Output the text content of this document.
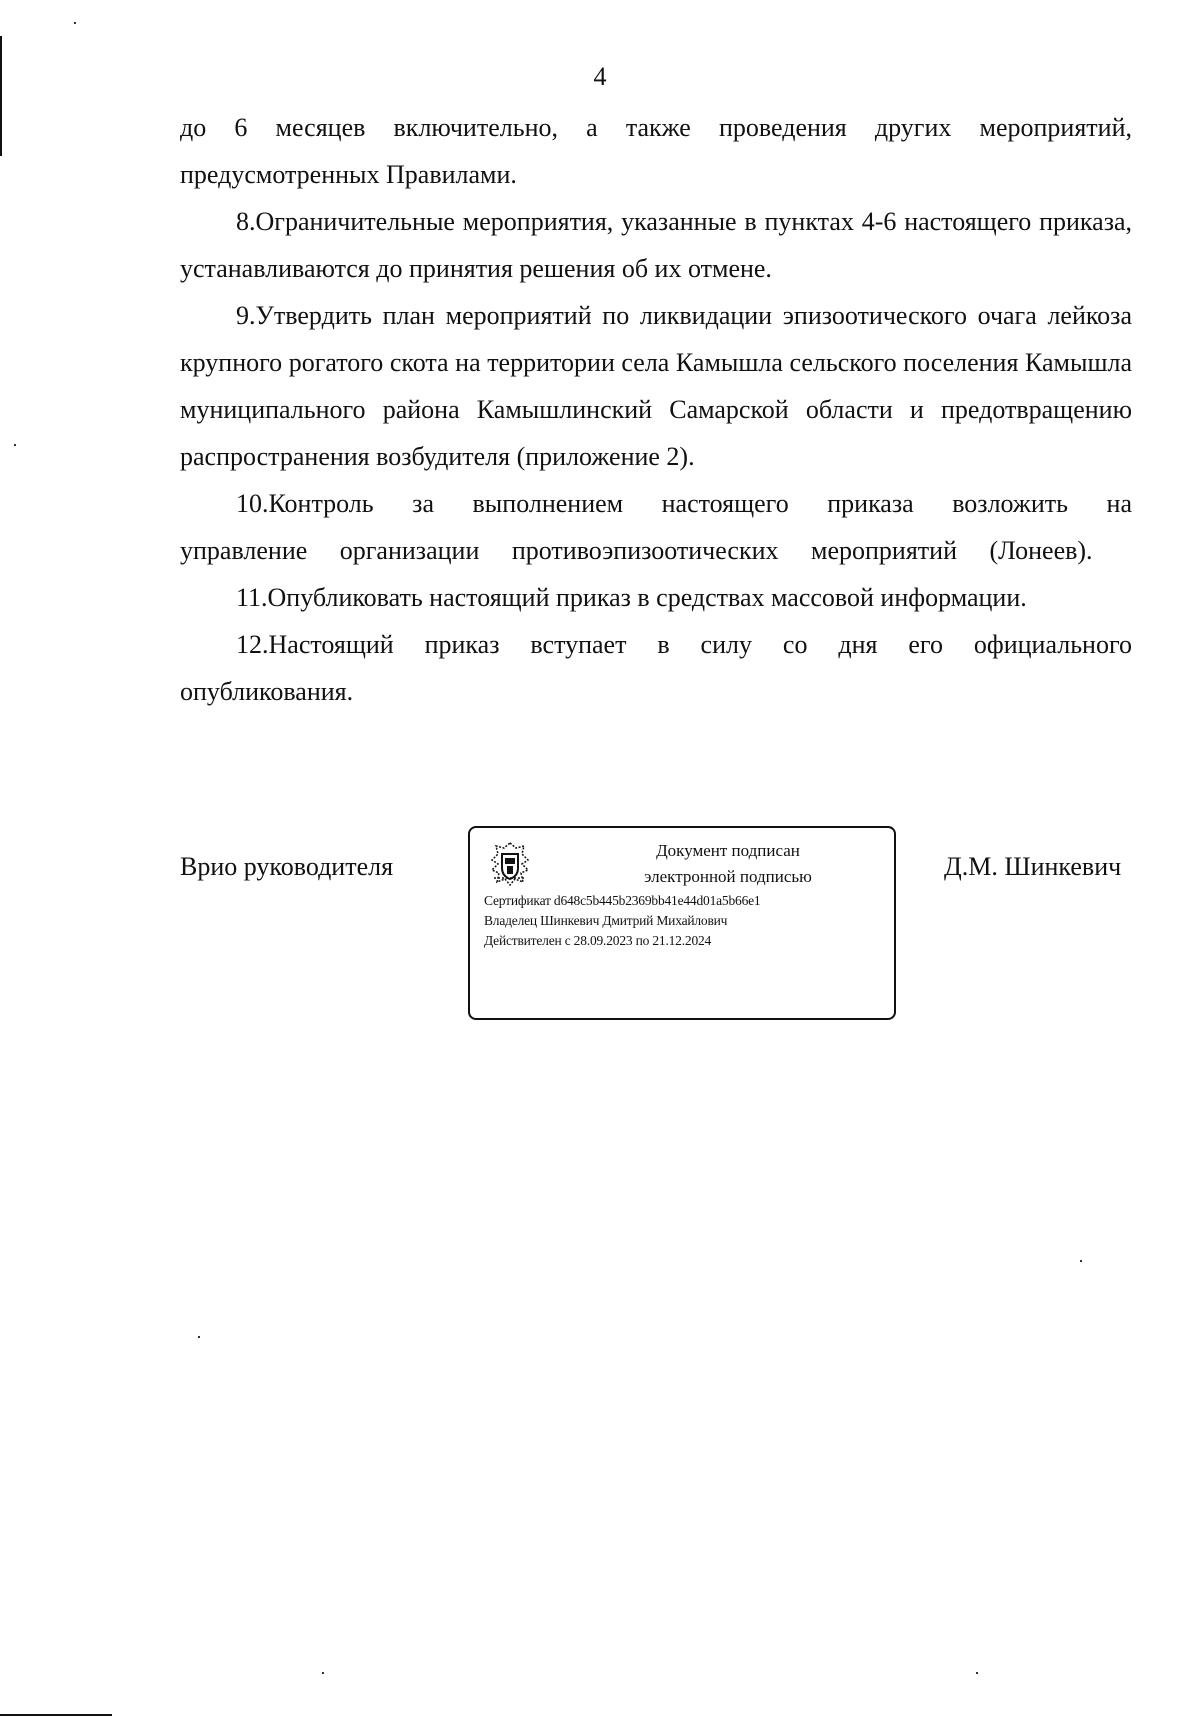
4

до 6 месяцев включительно, а также проведения других мероприятий, предусмотренных Правилами.

8.Ограничительные мероприятия, указанные в пунктах 4-6 настоящего приказа, устанавливаются до принятия решения об их отмене.

9.Утвердить план мероприятий по ликвидации эпизоотического очага лейкоза крупного рогатого скота на территории села Камышла сельского поселения Камышла муниципального района Камышлинский Самарской области и предотвращению распространения возбудителя (приложение 2).

10.Контроль за выполнением настоящего приказа возложить на управление организации противоэпизоотических мероприятий (Лонеев).

11.Опубликовать настоящий приказ в средствах массовой информации.

12.Настоящий приказ вступает в силу со дня его официального опубликования.

Врио руководителя
Документ подписан
электронной подписью
Сертификат d648c5b445b2369bb41e44d01a5b66e1
Владелец Шинкевич Дмитрий Михайлович
Действителен с 28.09.2023 по 21.12.2024
Д.М. Шинкевич
